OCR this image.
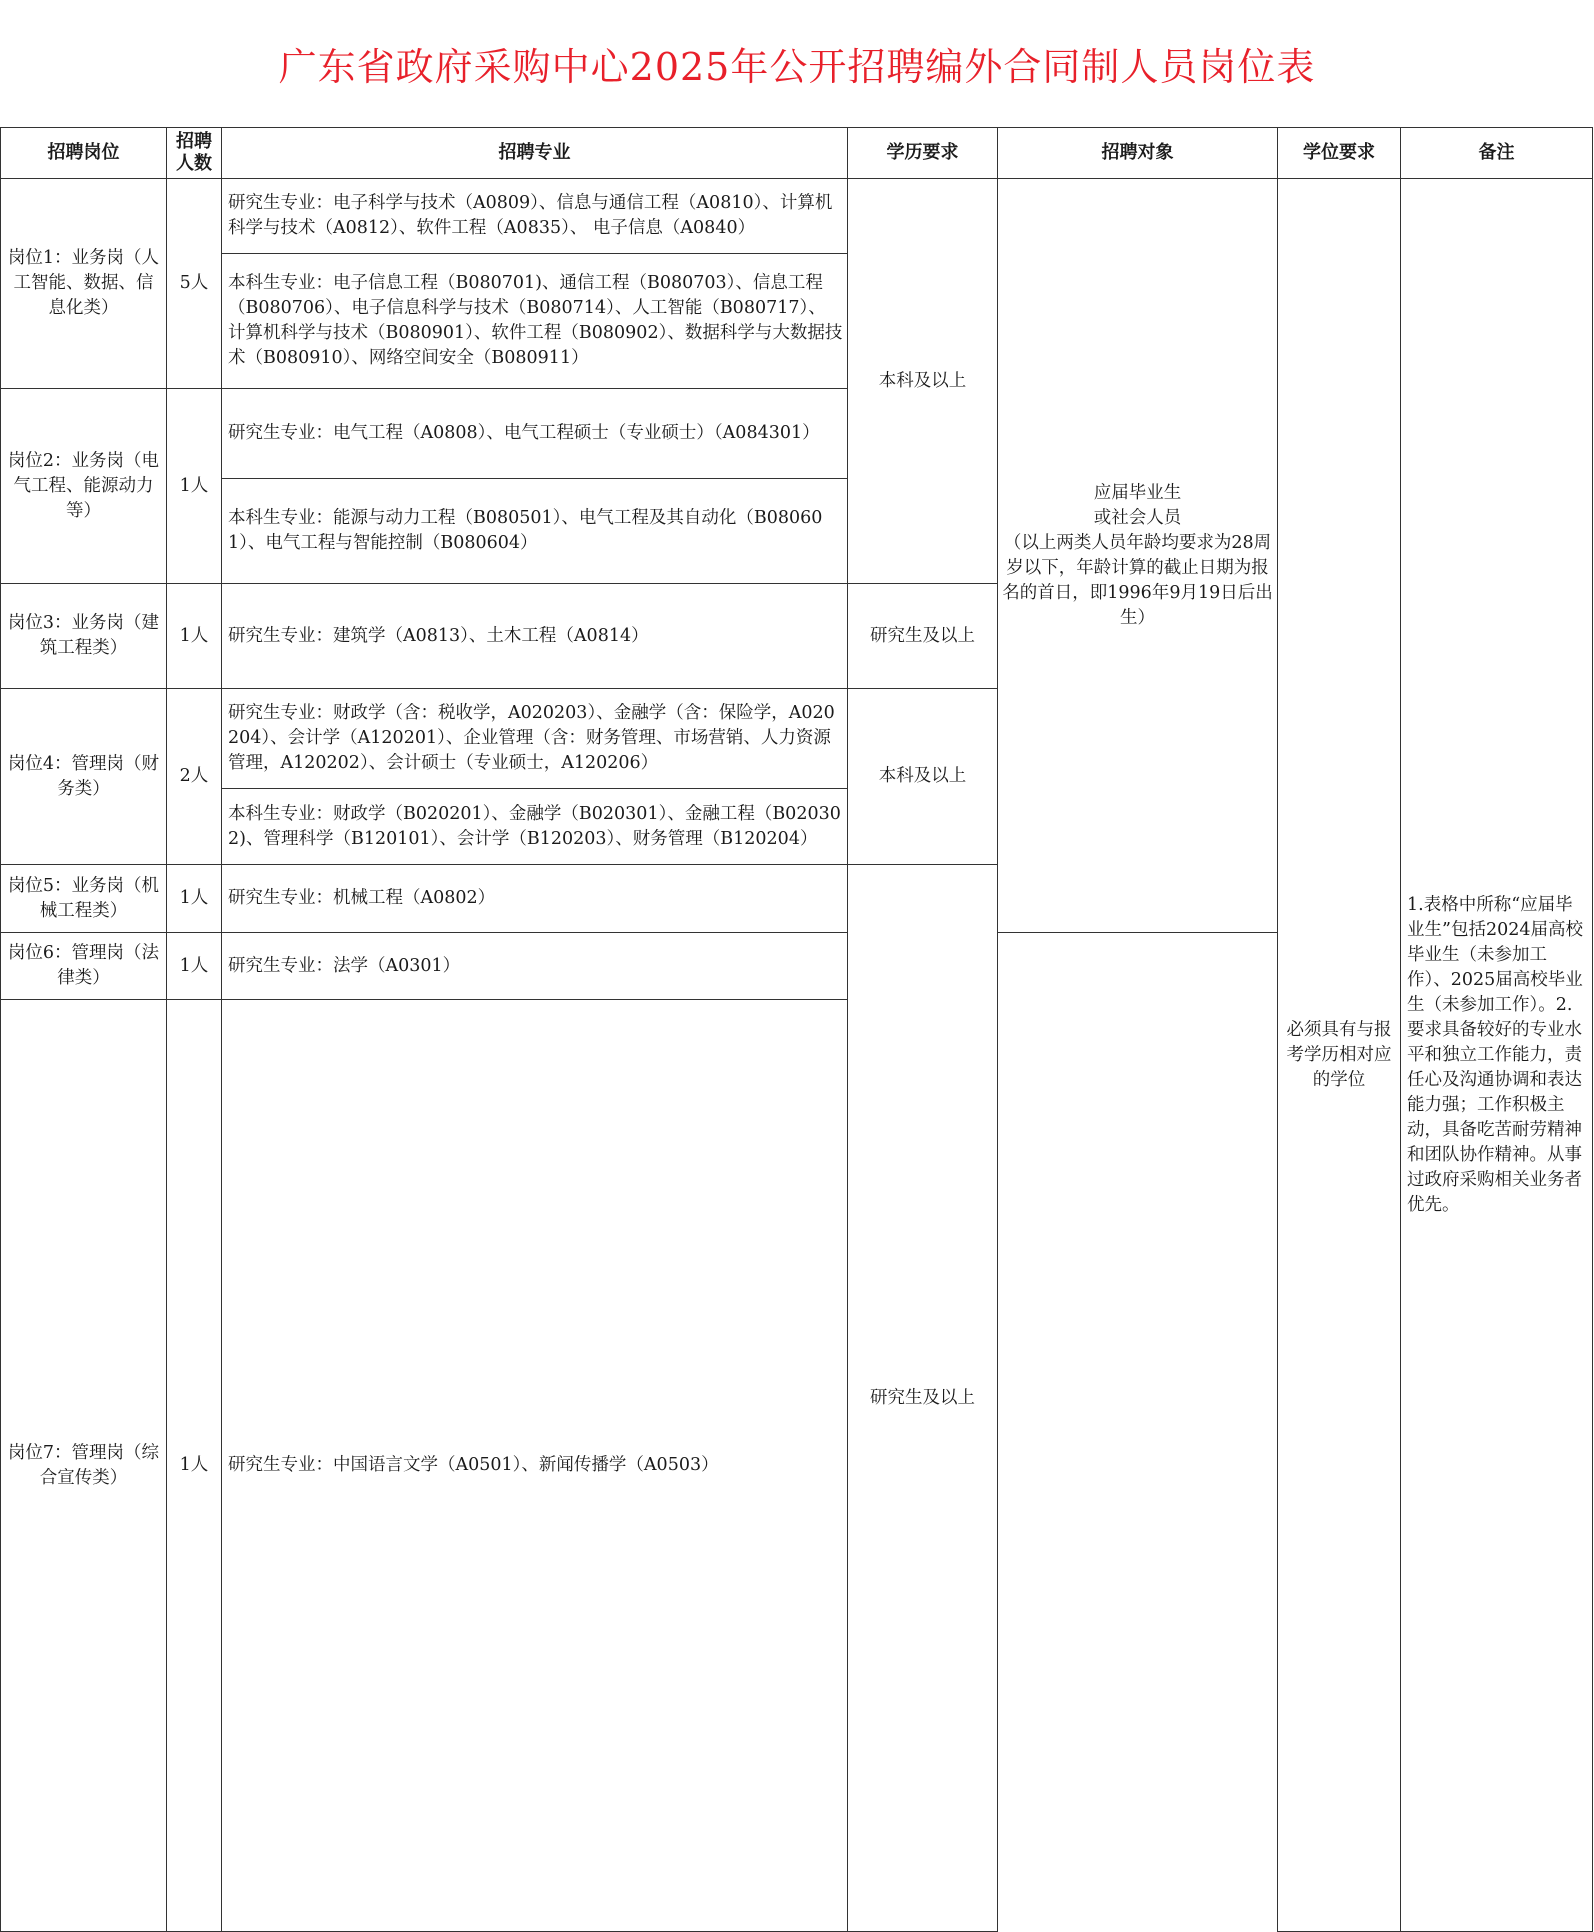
广东省政府采购中心2025年公开招聘编外合同制人员岗位表
招聘岗位	招聘人数	招聘专业	学历要求	招聘对象	学位要求	备注	
岗位1：业务岗（人工智能、数据、信息化类）	5人	研究生专业：电子科学与技术（A0809）、信息与通信工程（A0810）、计算机科学与技术（A0812）、软件工程（A0835）、 电子信息（A0840）	本科及以上	应届毕业生
或社会人员
（以上两类人员年龄均要求为28周岁以下，年龄计算的截止日期为报名的首日，即1996年9月19日后出生）	必须具有与报考学历相对应的学位	1.表格中所称“应届毕业生”包括2024届高校毕业生（未参加工作）、2025届高校毕业生（未参加工作）。2.要求具备较好的专业水平和独立工作能力，责任心及沟通协调和表达能力强；工作积极主动，具备吃苦耐劳精神和团队协作精神。从事过政府采购相关业务者优先。	
		本科生专业：电子信息工程（B080701)、通信工程（B080703）、信息工程（B080706）、电子信息科学与技术（B080714）、人工智能（B080717）、计算机科学与技术（B080901）、软件工程（B080902）、数据科学与大数据技术（B080910）、网络空间安全（B080911）					
岗位2：业务岗（电气工程、能源动力等）	1人	研究生专业：电气工程（A0808）、电气工程硕士（专业硕士）（A084301）					
		本科生专业：能源与动力工程（B080501）、电气工程及其自动化（B080601）、电气工程与智能控制（B080604）					
岗位3：业务岗（建筑工程类）	1人	研究生专业：建筑学（A0813）、土木工程（A0814）	研究生及以上				
岗位4：管理岗（财务类）	2人	研究生专业：财政学（含：税收学，A020203）、金融学（含：保险学，A020204）、会计学（A120201）、企业管理（含：财务管理、市场营销、人力资源管理，A120202）、会计硕士（专业硕士，A120206）	本科及以上				
		本科生专业：财政学（B020201）、金融学（B020301）、金融工程（B020302)、管理科学（B120101）、会计学（B120203）、财务管理（B120204）					
岗位5：业务岗（机械工程类）	1人	研究生专业：机械工程（A0802）	研究生及以上				

岗位6：管理岗（法律类）	1人	研究生专业：法学（A0301）					
岗位7：管理岗（综合宣传类）	1人	研究生专业：中国语言文学（A0501）、新闻传播学（A0503）					
